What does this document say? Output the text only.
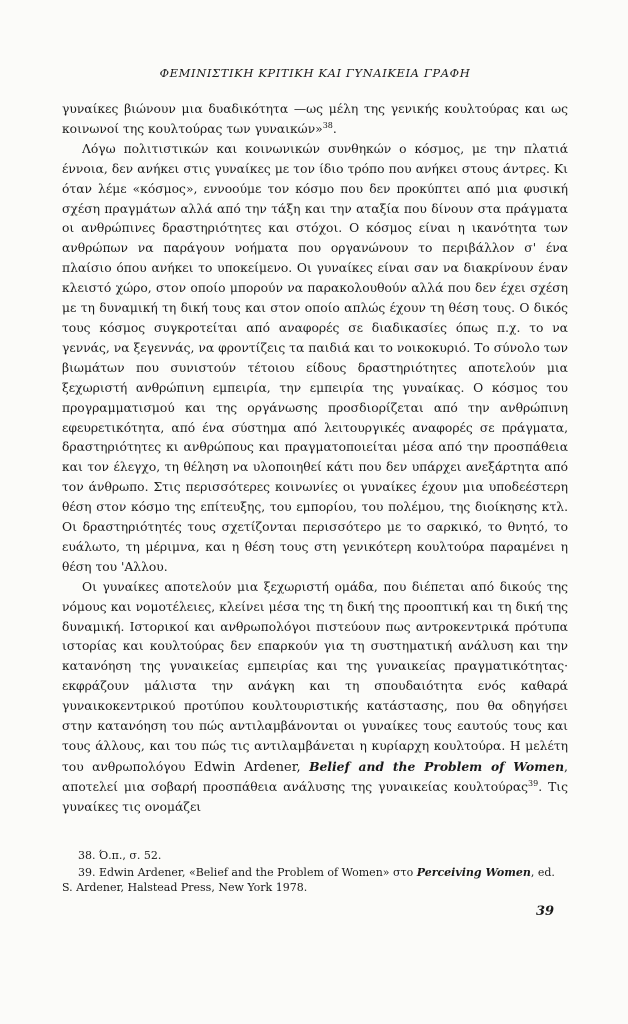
ΦΕΜΙΝΙΣΤΙΚΗ ΚΡΙΤΙΚΗ ΚΑΙ ΓΥΝΑΙΚΕΙΑ ΓΡΑΦΗ

γυναίκες βιώνουν μια δυαδικότητα —ως μέλη της γενικής κουλτούρας και ως κοινωνοί της κουλτούρας των γυναικών»$^{38}$.

Λόγω πολιτιστικών και κοινωνικών συνθηκών ο κόσμος, με την πλατιά έννοια, δεν ανήκει στις γυναίκες με τον ίδιο τρόπο που ανήκει στους άντρες. Κι όταν λέμε «κόσμος», εννοούμε τον κόσμο που δεν προκύπτει από μια φυσική σχέση πραγμάτων αλλά από την τάξη και την αταξία που δίνουν στα πράγματα οι ανθρώπινες δραστηριότητες και στόχοι. Ο κόσμος είναι η ικανότητα των ανθρώπων να παράγουν νοήματα που οργανώνουν το περιβάλλον σ' ένα πλαίσιο όπου ανήκει το υποκείμενο. Οι γυναίκες είναι σαν να διακρίνουν έναν κλειστό χώρο, στον οποίο μπορούν να παρακολουθούν αλλά που δεν έχει σχέση με τη δυναμική τη δική τους και στον οποίο απλώς έχουν τη θέση τους. Ο δικός τους κόσμος συγκροτείται από αναφορές σε διαδικασίες όπως π.χ. το να γεννάς, να ξεγεννάς, να φροντίζεις τα παιδιά και το νοικοκυριό. Το σύνολο των βιωμάτων που συνιστούν τέτοιου είδους δραστηριότητες αποτελούν μια ξεχωριστή ανθρώπινη εμπειρία, την εμπειρία της γυναίκας. Ο κόσμος του προγραμματισμού και της οργάνωσης προσδιορίζεται από την ανθρώπινη εφευρετικότητα, από ένα σύστημα από λειτουργικές αναφορές σε πράγματα, δραστηριότητες κι ανθρώπους και πραγματοποιείται μέσα από την προσπάθεια και τον έλεγχο, τη θέληση να υλοποιηθεί κάτι που δεν υπάρχει ανεξάρτητα από τον άνθρωπο. Στις περισσότερες κοινωνίες οι γυναίκες έχουν μια υποδεέστερη θέση στον κόσμο της επίτευξης, του εμπορίου, του πολέμου, της διοίκησης κτλ. Οι δραστηριότητές τους σχετίζονται περισσότερο με το σαρκικό, το θνητό, το ευάλωτο, τη μέριμνα, και η θέση τους στη γενικότερη κουλτούρα παραμένει η θέση του 'Αλλου.

Οι γυναίκες αποτελούν μια ξεχωριστή ομάδα, που διέπεται από δικούς της νόμους και νομοτέλειες, κλείνει μέσα της τη δική της προοπτική και τη δική της δυναμική. Ιστορικοί και ανθρωπολόγοι πιστεύουν πως αντροκεντρικά πρότυπα ιστορίας και κουλτούρας δεν επαρκούν για τη συστηματική ανάλυση και την κατανόηση της γυναικείας εμπειρίας και της γυναικείας πραγματικότητας· εκφράζουν μάλιστα την ανάγκη και τη σπουδαιότητα ενός καθαρά γυναικοκεντρικού προτύπου κουλτουριστικής κατάστασης, που θα οδηγήσει στην κατανόηση του πώς αντιλαμβάνονται οι γυναίκες τους εαυτούς τους και τους άλλους, και του πώς τις αντιλαμβάνεται η κυρίαρχη κουλτούρα. Η μελέτη του ανθρωπολόγου Edwin Ardener, Belief and the Problem of Women, αποτελεί μια σοβαρή προσπάθεια ανάλυσης της γυναικείας κουλτούρας$^{39}$. Τις γυναίκες τις ονομάζει

38. Ό.π., σ. 52.

39. Edwin Ardener, «Belief and the Problem of Women» στο Perceiving Women, ed. S. Ardener, Halstead Press, New York 1978.

39
